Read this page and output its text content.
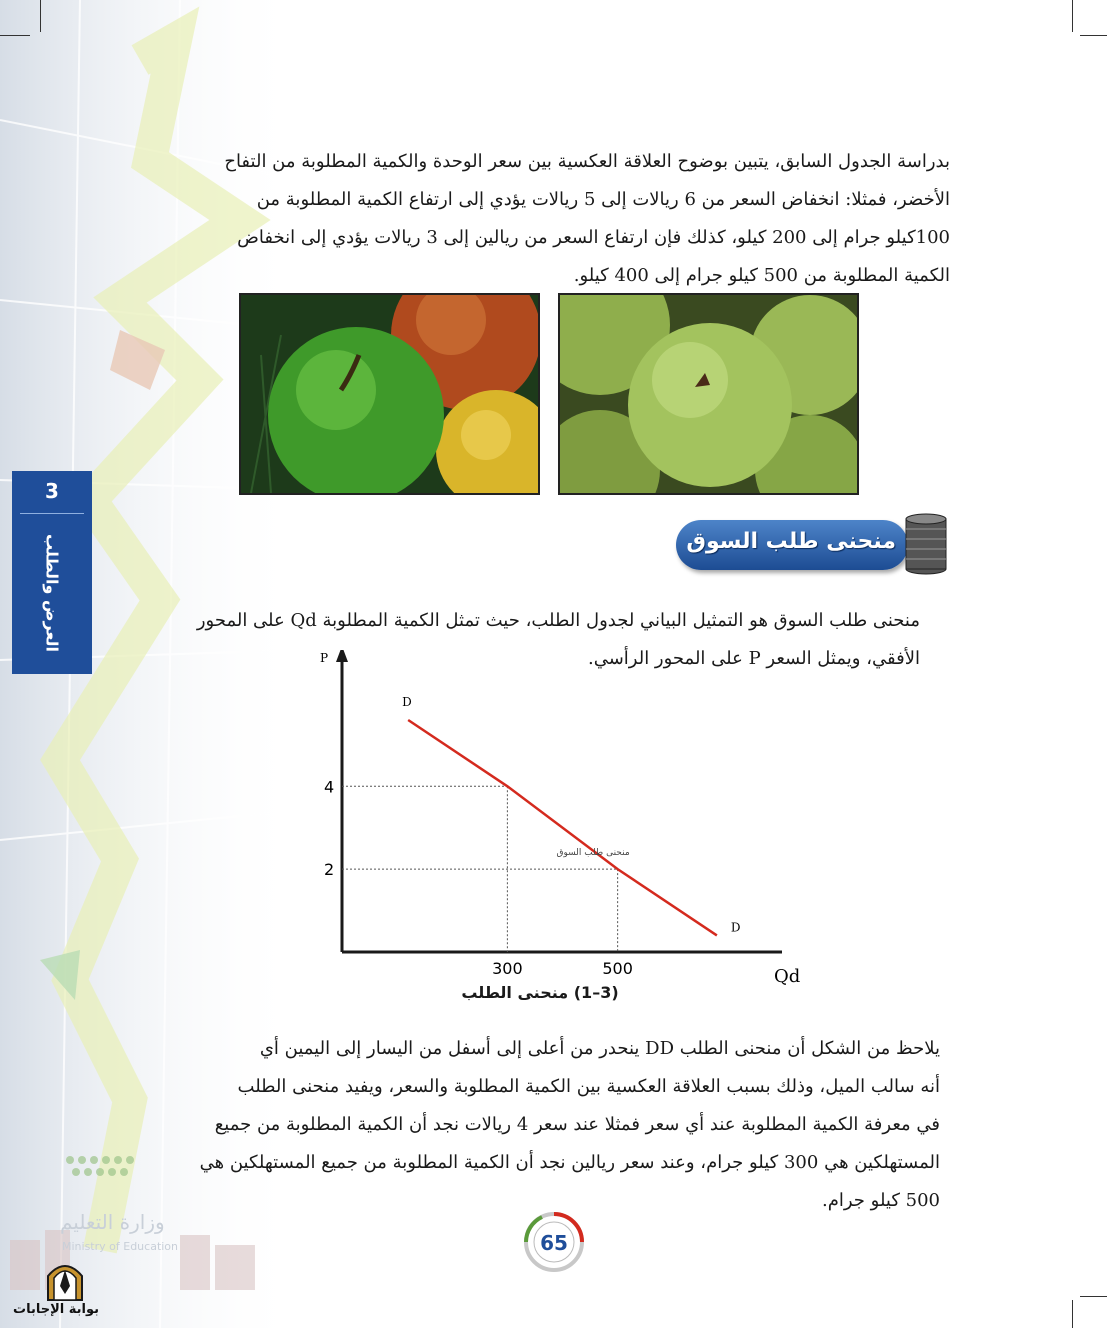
بدراسة الجدول السابق، يتبين بوضوح العلاقة العكسية بين سعر الوحدة والكمية المطلوبة من التفاح

الأخضر، فمثلا: انخفاض السعر من 6 ريالات إلى 5 ريالات يؤدي إلى ارتفاع الكمية المطلوبة من

100كيلو جرام إلى 200 كيلو، كذلك فإن ارتفاع السعر من ريالين إلى 3 ريالات يؤدي إلى انخفاض

الكمية المطلوبة من 500 كيلو جرام إلى 400 كيلو.

3
العرض والطلب	منحنى طلب السوق

منحنى طلب السوق هو التمثيل البياني لجدول الطلب، حيث تمثل الكمية المطلوبة Qd على المحور

الأفقي، ويمثل السعر P على المحور الرأسي.

P
Qd
4
2
300	500
D
D
منحنى طلب السوق
(3–1) منحنى الطلب

يلاحظ من الشكل أن منحنى الطلب DD ينحدر من أعلى إلى أسفل من اليسار إلى اليمين أي

أنه سالب الميل، وذلك بسبب العلاقة العكسية بين الكمية المطلوبة والسعر، ويفيد منحنى الطلب

في معرفة الكمية المطلوبة عند أي سعر فمثلا عند سعر 4 ريالات نجد أن الكمية المطلوبة من جميع

المستهلكين هي 300 كيلو جرام، وعند سعر ريالين نجد أن الكمية المطلوبة من جميع المستهلكين هي

500 كيلو جرام.

وزارة التعليم
Ministry of Education
بوابة الإجابات
65
